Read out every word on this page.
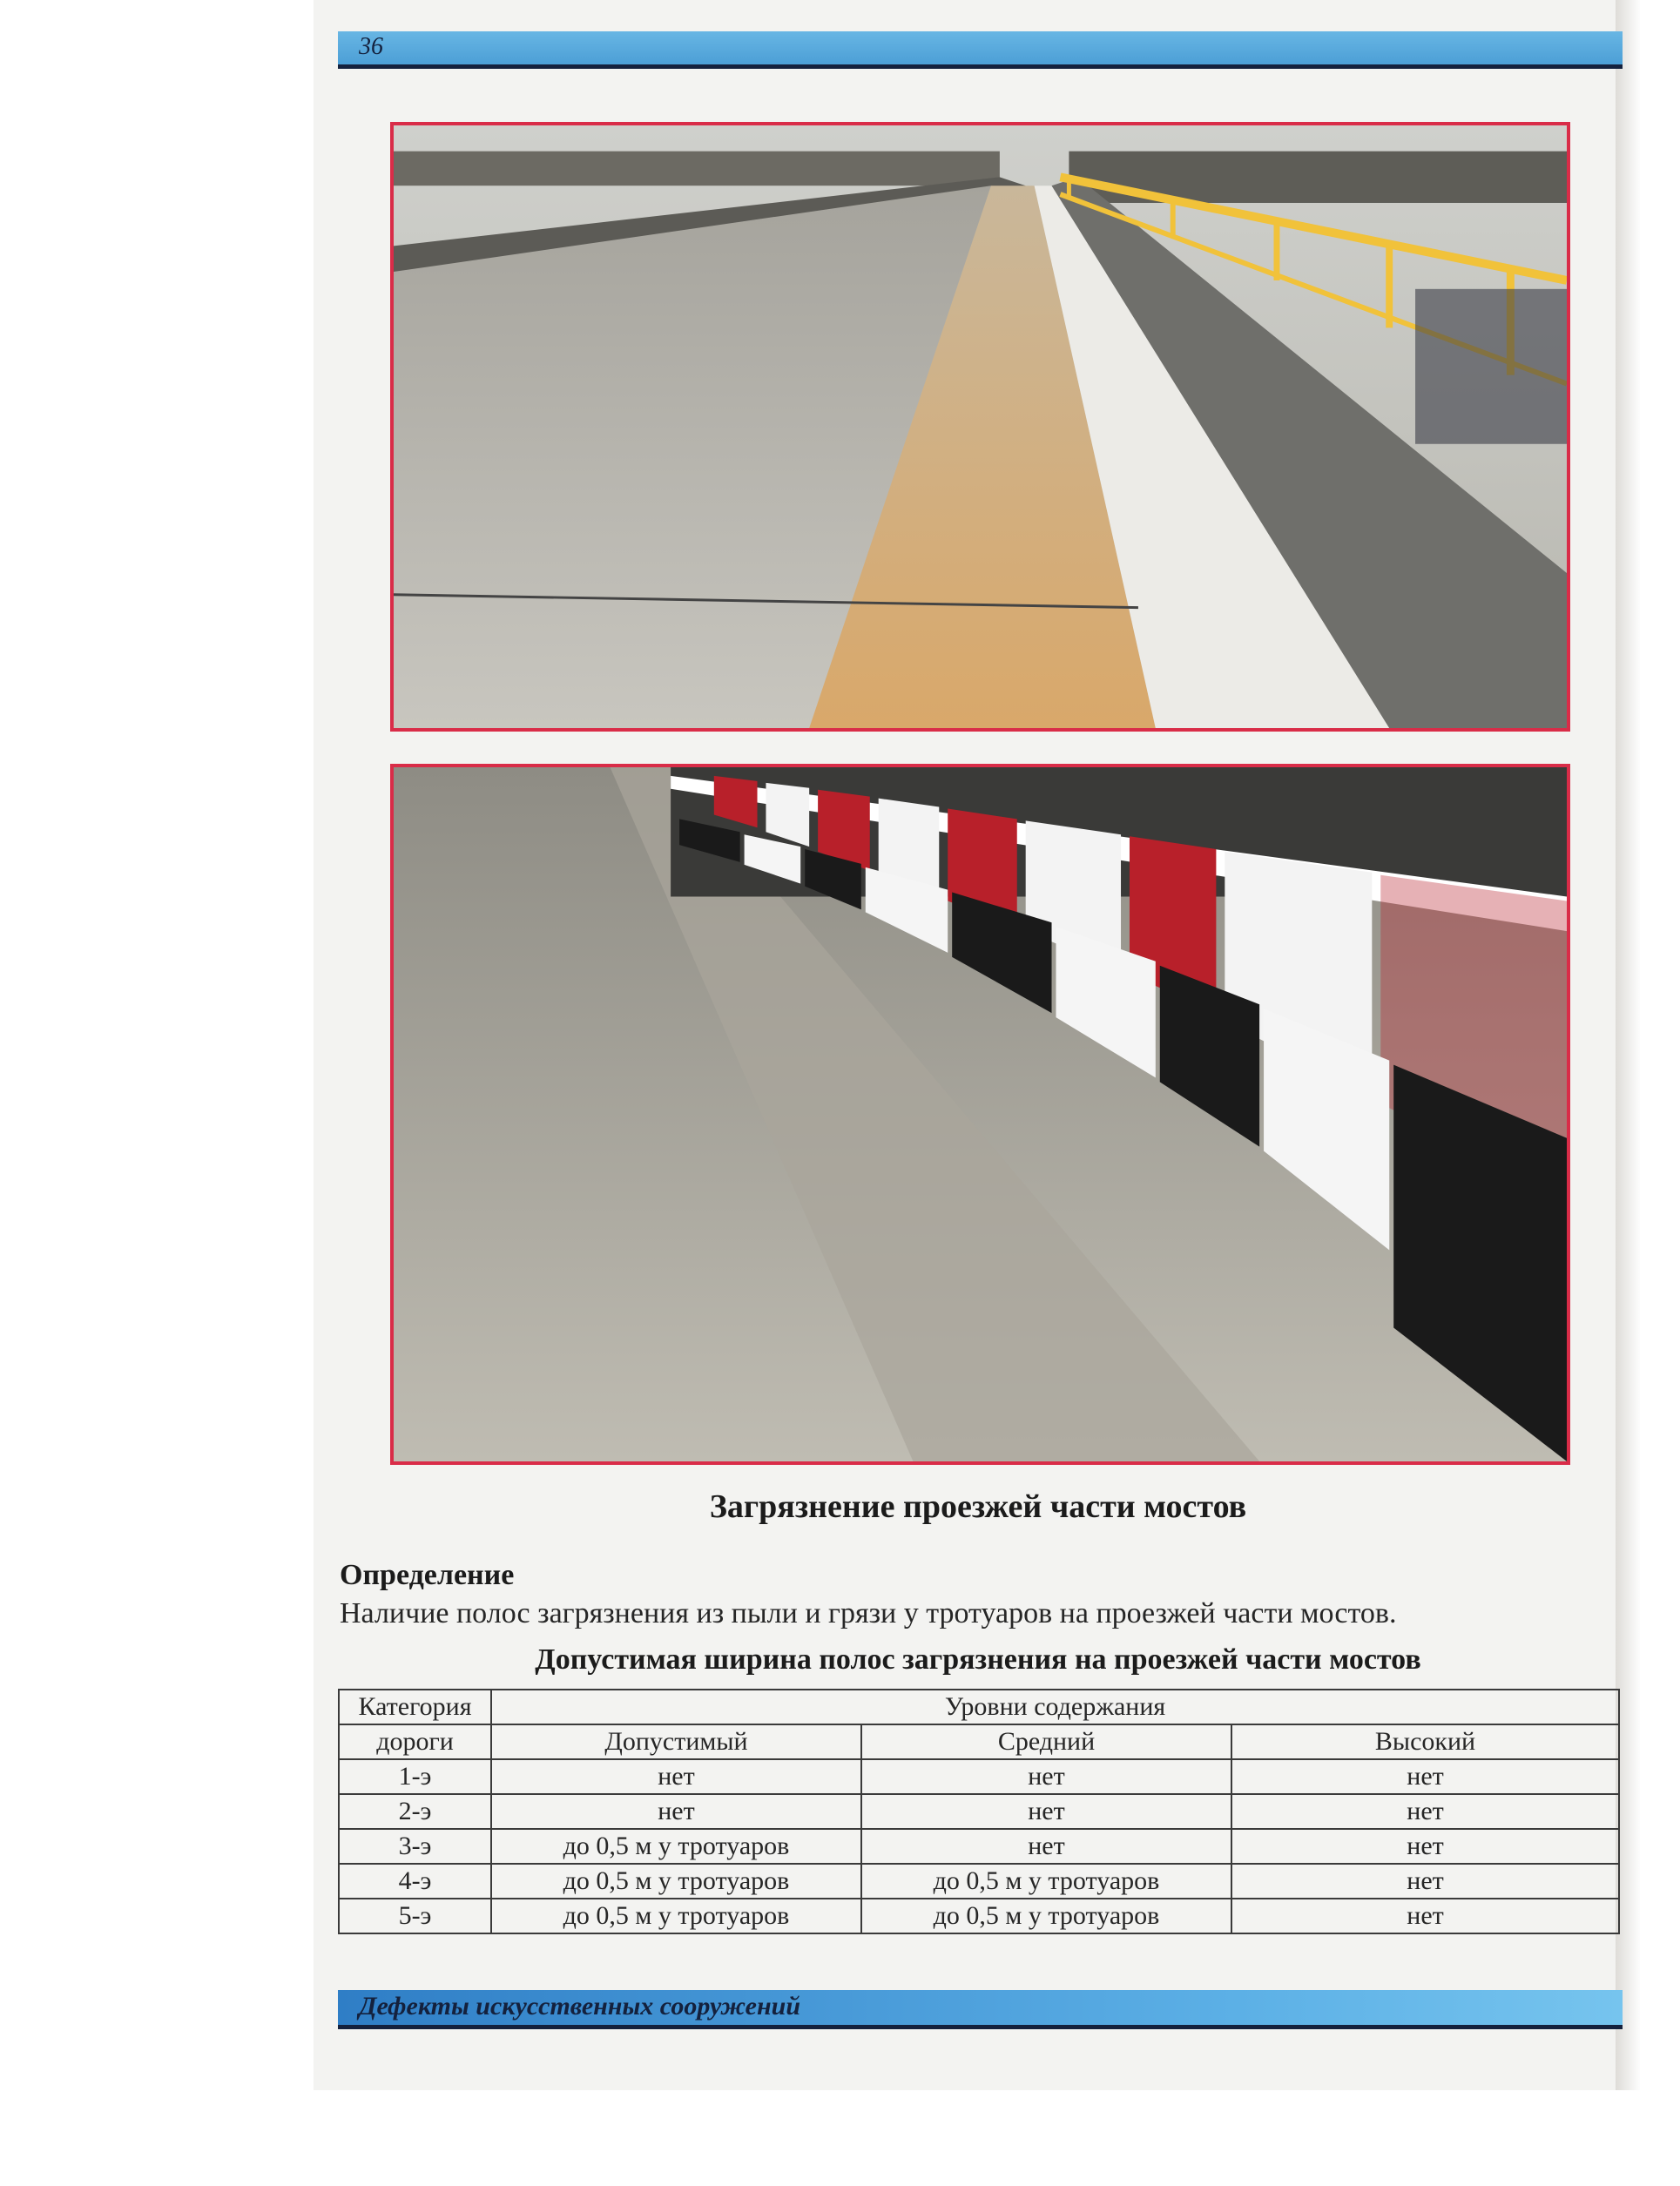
36
Загрязнение проезжей части мостов
Определение
Наличие полос загрязнения из пыли и грязи у тротуаров на проезжей части мостов.
Допустимая ширина полос загрязнения на проезжей части мостов
Категория	Уровни содержания		
дороги	Допустимый	Средний	Высокий
1-э	нет	нет	нет
2-э	нет	нет	нет
3-э	до 0,5 м у тротуаров	нет	нет
4-э	до 0,5 м у тротуаров	до 0,5 м у тротуаров	нет
5-э	до 0,5 м у тротуаров	до 0,5 м у тротуаров	нет
Дефекты искусственных сооружений
